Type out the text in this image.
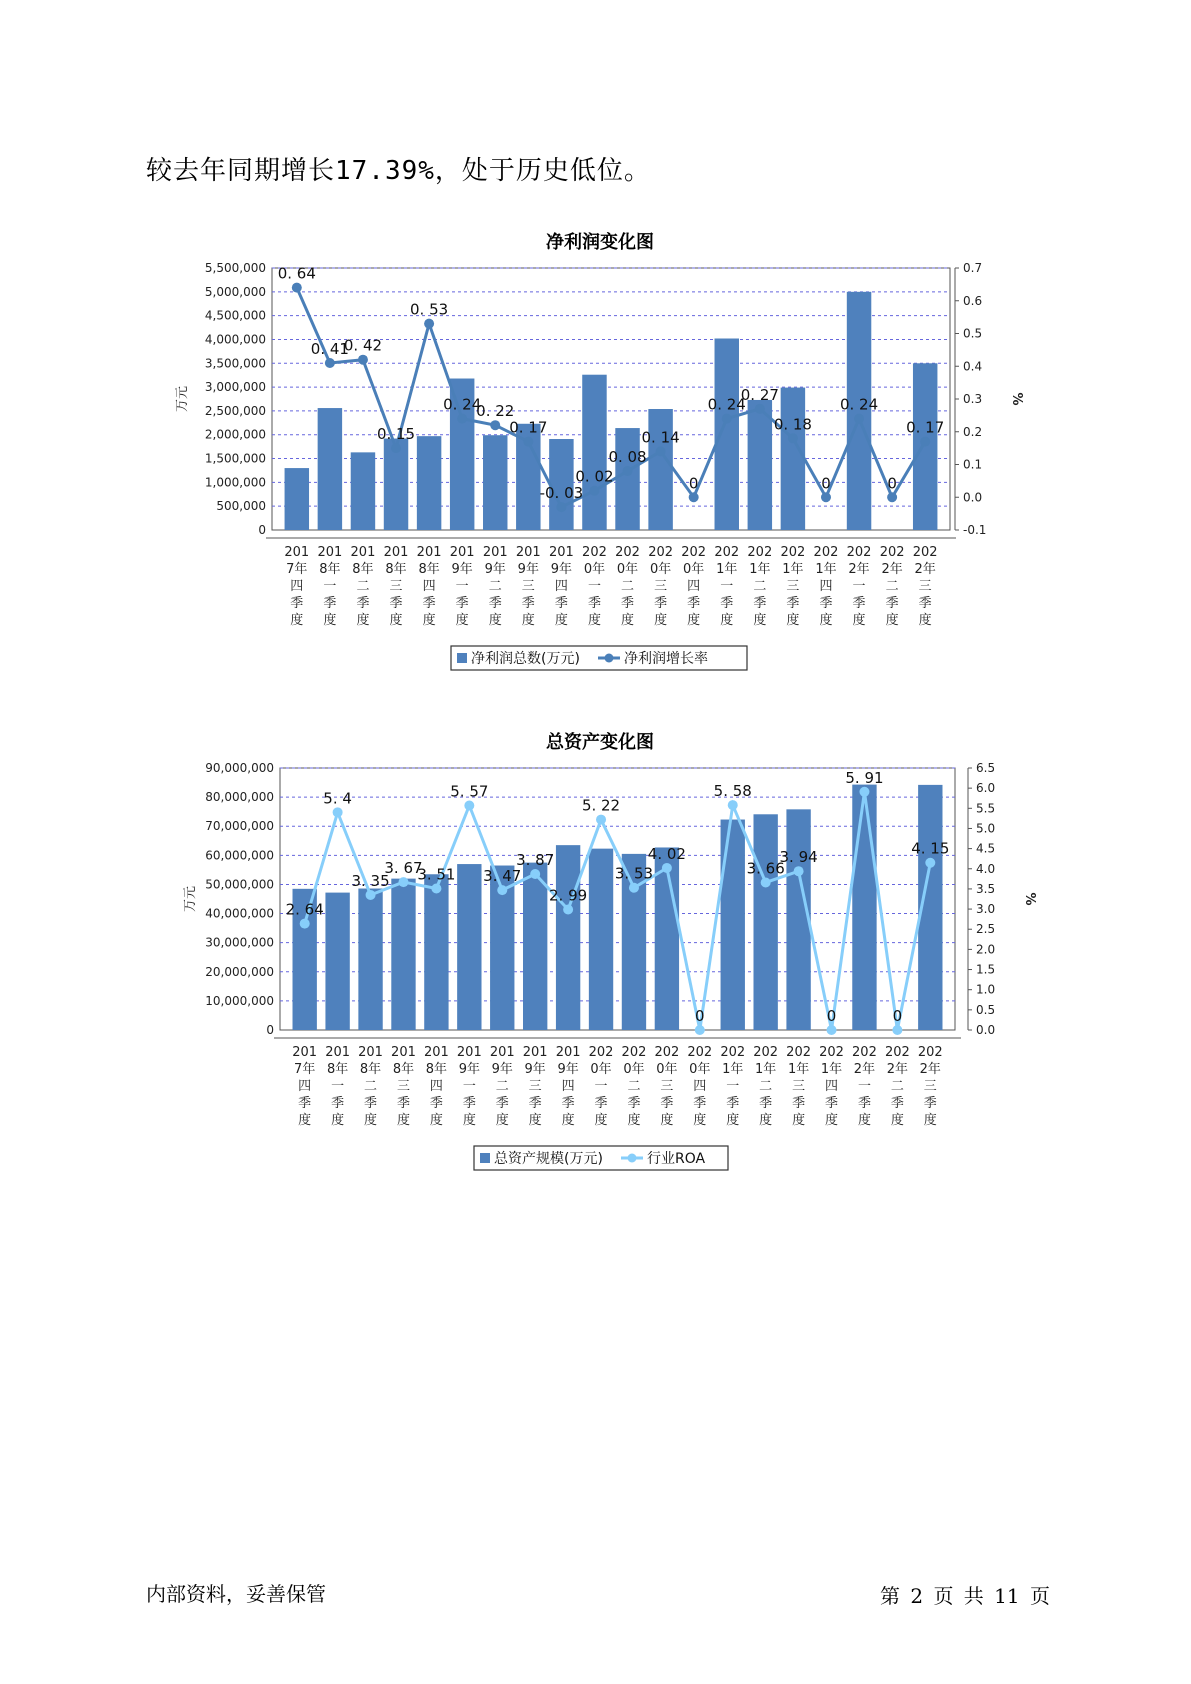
较去年同期增长17.39%，处于历史低位。
净利润变化图
0
500,000
1,000,000
1,500,000
2,000,000
2,500,000
3,000,000
3,500,000
4,000,000
4,500,000
5,000,000
5,500,000
万元
-0.1
0.0
0.1
0.2
0.3
0.4
0.5
0.6
0.7
%
201
7年
四
季
度
201
8年
一
季
度
201
8年
二
季
度
201
8年
三
季
度
201
8年
四
季
度
201
9年
一
季
度
201
9年
二
季
度
201
9年
三
季
度
201
9年
四
季
度
202
0年
一
季
度
202
0年
二
季
度
202
0年
三
季
度
202
0年
四
季
度
202
1年
一
季
度
202
1年
二
季
度
202
1年
三
季
度
202
1年
四
季
度
202
2年
一
季
度
202
2年
二
季
度
202
2年
三
季
度
0. 64
0. 41
0. 42
0. 15
0. 53
0. 24
0. 22
0. 17
-0. 03
0. 02
0. 08
0. 14
0
0. 24
0. 27
0. 18
0
0. 24
0
0. 17
净利润总数(万元)	净利润增长率
总资产变化图
0
10,000,000
20,000,000
30,000,000
40,000,000
50,000,000
60,000,000
70,000,000
80,000,000
90,000,000
万元
0.0
0.5
1.0
1.5
2.0
2.5
3.0
3.5
4.0
4.5
5.0
5.5
6.0
6.5
%
201
7年
四
季
度
201
8年
一
季
度
201
8年
二
季
度
201
8年
三
季
度
201
8年
四
季
度
201
9年
一
季
度
201
9年
二
季
度
201
9年
三
季
度
201
9年
四
季
度
202
0年
一
季
度
202
0年
二
季
度
202
0年
三
季
度
202
0年
四
季
度
202
1年
一
季
度
202
1年
二
季
度
202
1年
三
季
度
202
1年
四
季
度
202
2年
一
季
度
202
2年
二
季
度
202
2年
三
季
度
2. 64
5. 4
3. 35
3. 67
3. 51
5. 57
3. 47
3. 87
2. 99
5. 22
3. 53
4. 02
0
5. 58
3. 66
3. 94
0
5. 91
0
4. 15
总资产规模(万元)	行业ROA
内部资料，妥善保管	第 2 页 共 11 页
